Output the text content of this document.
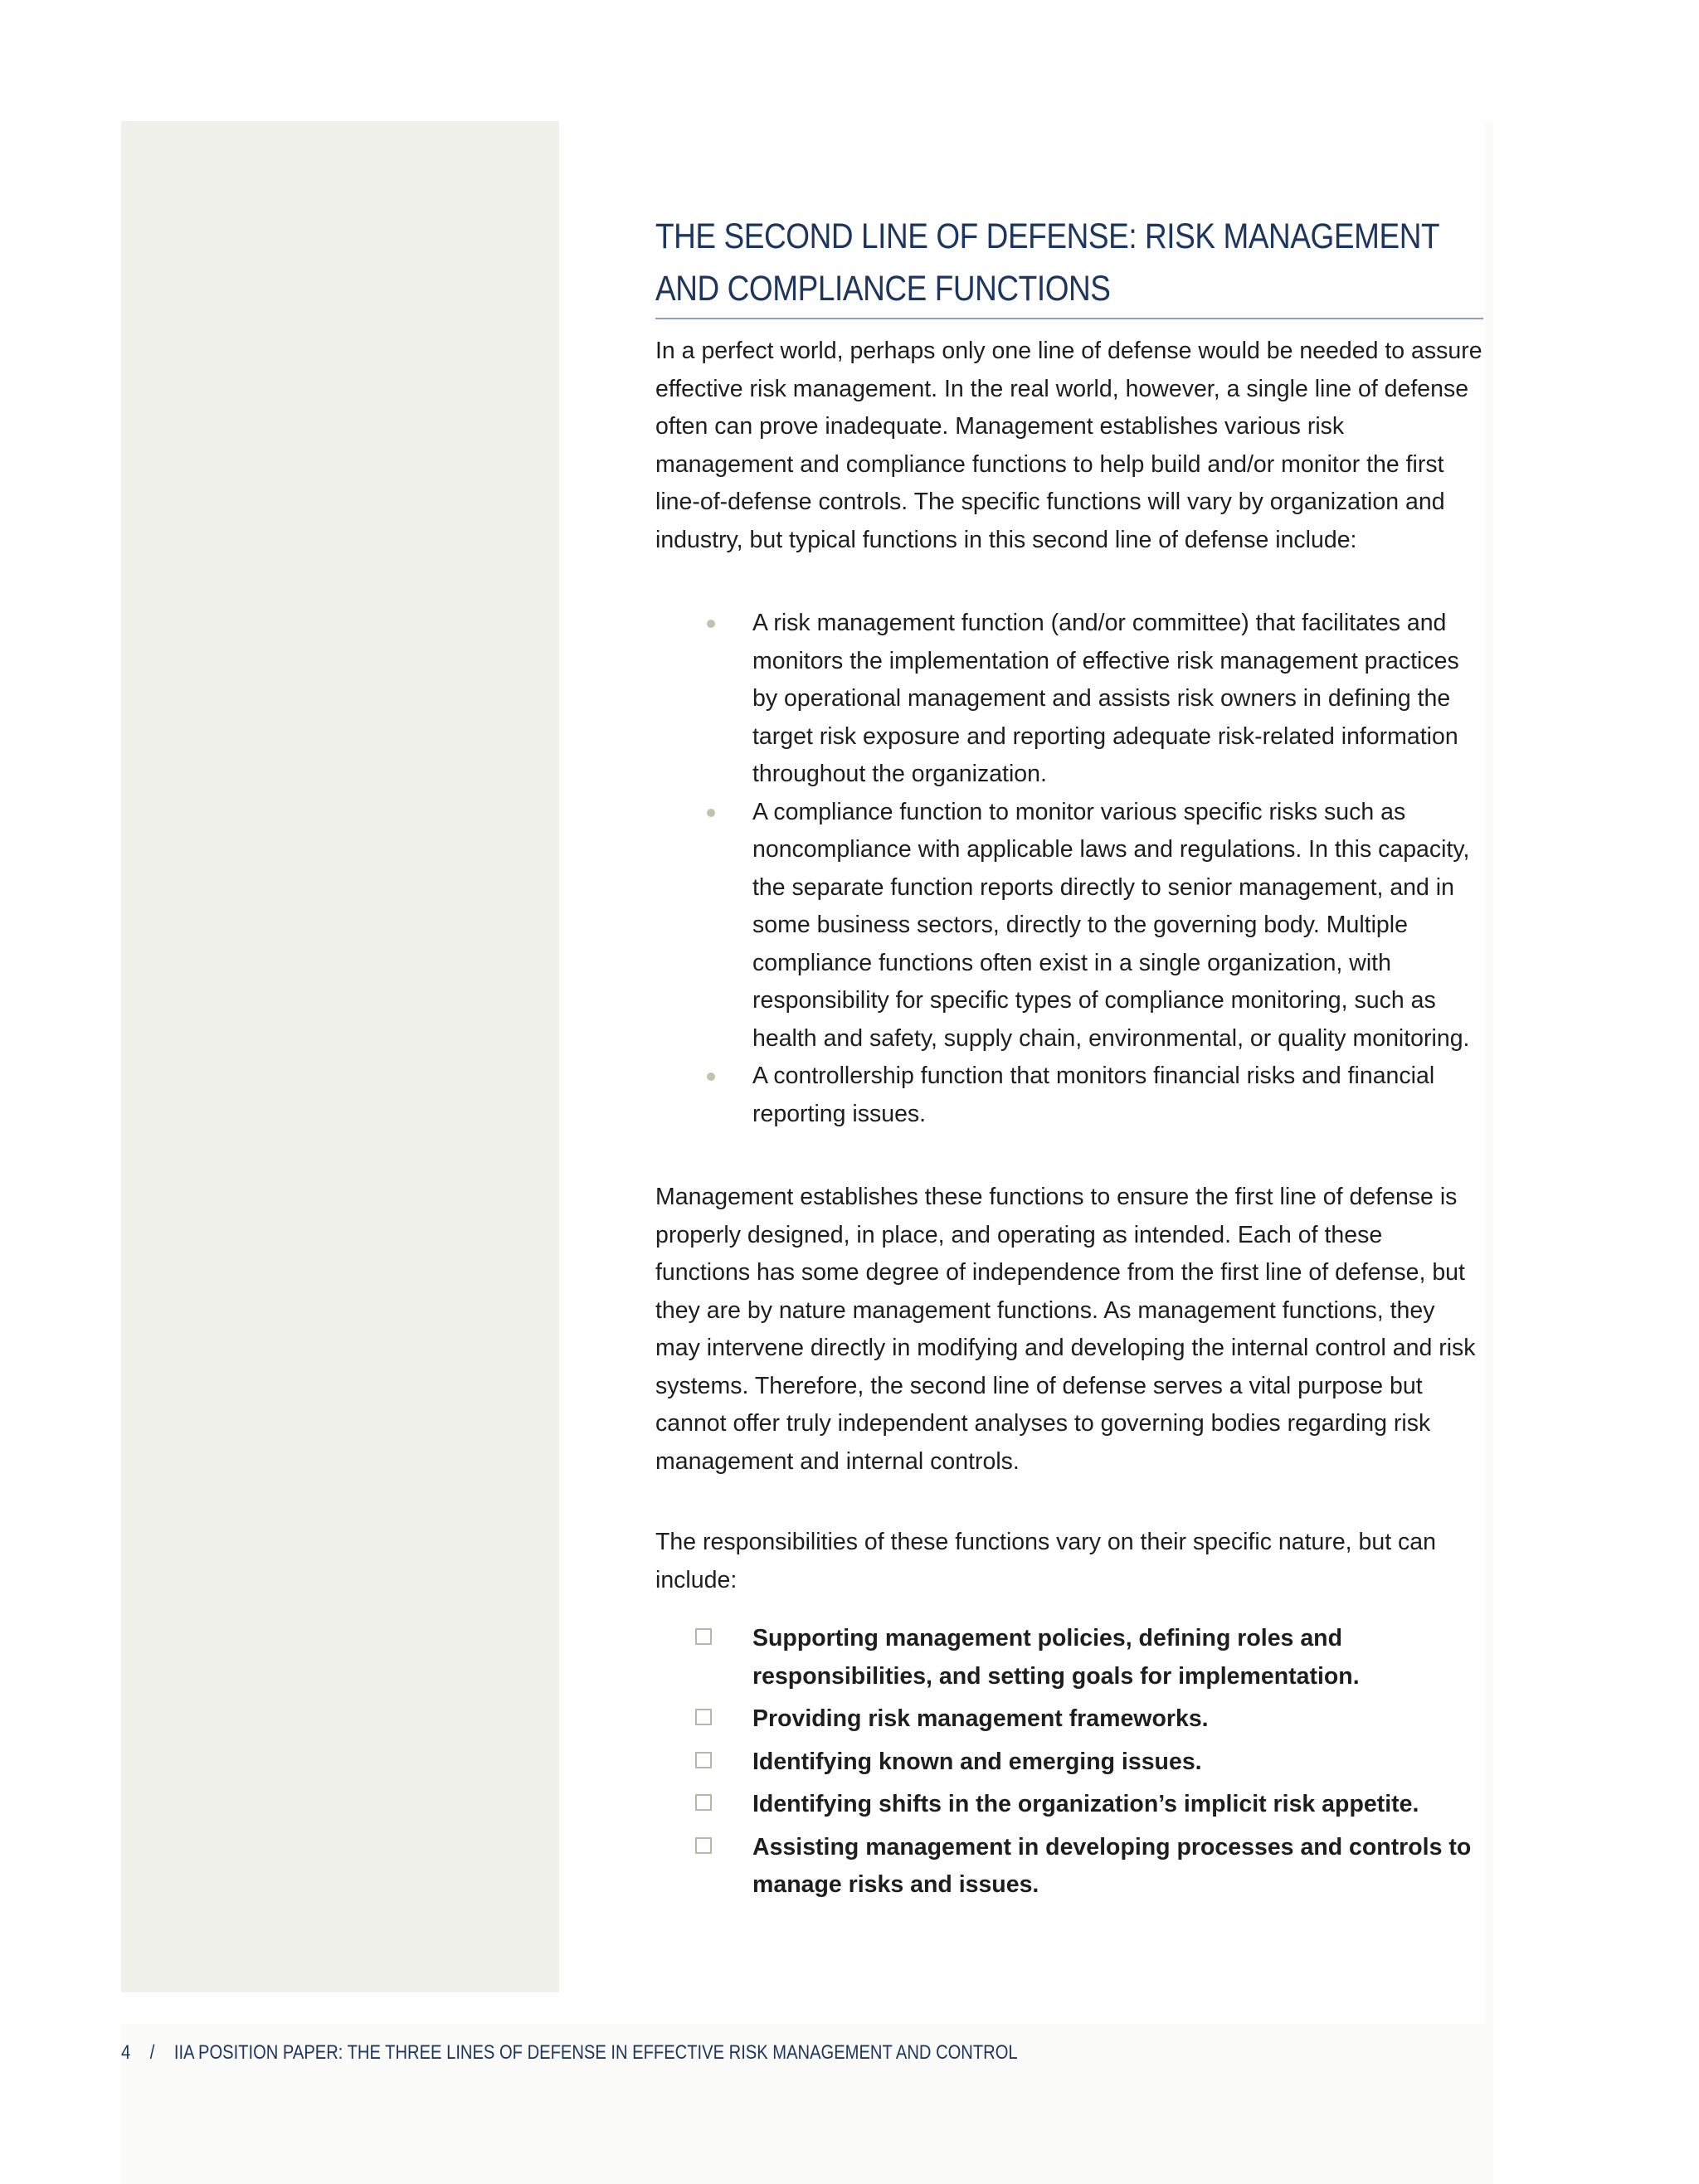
THE SECOND LINE OF DEFENSE: RISK MANAGEMENT
AND COMPLIANCE FUNCTIONS

In a perfect world, perhaps only one line of defense would be needed to assure effective risk management. In the real world, however, a single line of defense often can prove inadequate. Management establishes various risk management and compliance functions to help build and/or monitor the first line-of-defense controls. The specific functions will vary by organization and industry, but typical functions in this second line of defense include:

A risk management function (and/or committee) that facilitates and monitors the implementation of effective risk management practices by operational management and assists risk owners in defining the target risk exposure and reporting adequate risk-related information throughout the organization.
A compliance function to monitor various specific risks such as noncompliance with applicable laws and regulations. In this capacity, the separate function reports directly to senior management, and in some business sectors, directly to the governing body. Multiple compliance functions often exist in a single organization, with responsibility for specific types of compliance monitoring, such as health and safety, supply chain, environmental, or quality monitoring.
A controllership function that monitors financial risks and financial reporting issues.

Management establishes these functions to ensure the first line of defense is properly designed, in place, and operating as intended. Each of these functions has some degree of independence from the first line of defense, but they are by nature management functions. As management functions, they may intervene directly in modifying and developing the internal control and risk systems. Therefore, the second line of defense serves a vital purpose but cannot offer truly independent analyses to governing bodies regarding risk management and internal controls.

The responsibilities of these functions vary on their specific nature, but can include:

Supporting management policies, defining roles and responsibilities, and setting goals for implementation.
Providing risk management frameworks.
Identifying known and emerging issues.
Identifying shifts in the organization’s implicit risk appetite.
Assisting management in developing processes and controls to manage risks and issues.
4 / IIA POSITION PAPER: THE THREE LINES OF DEFENSE IN EFFECTIVE RISK MANAGEMENT AND CONTROL
